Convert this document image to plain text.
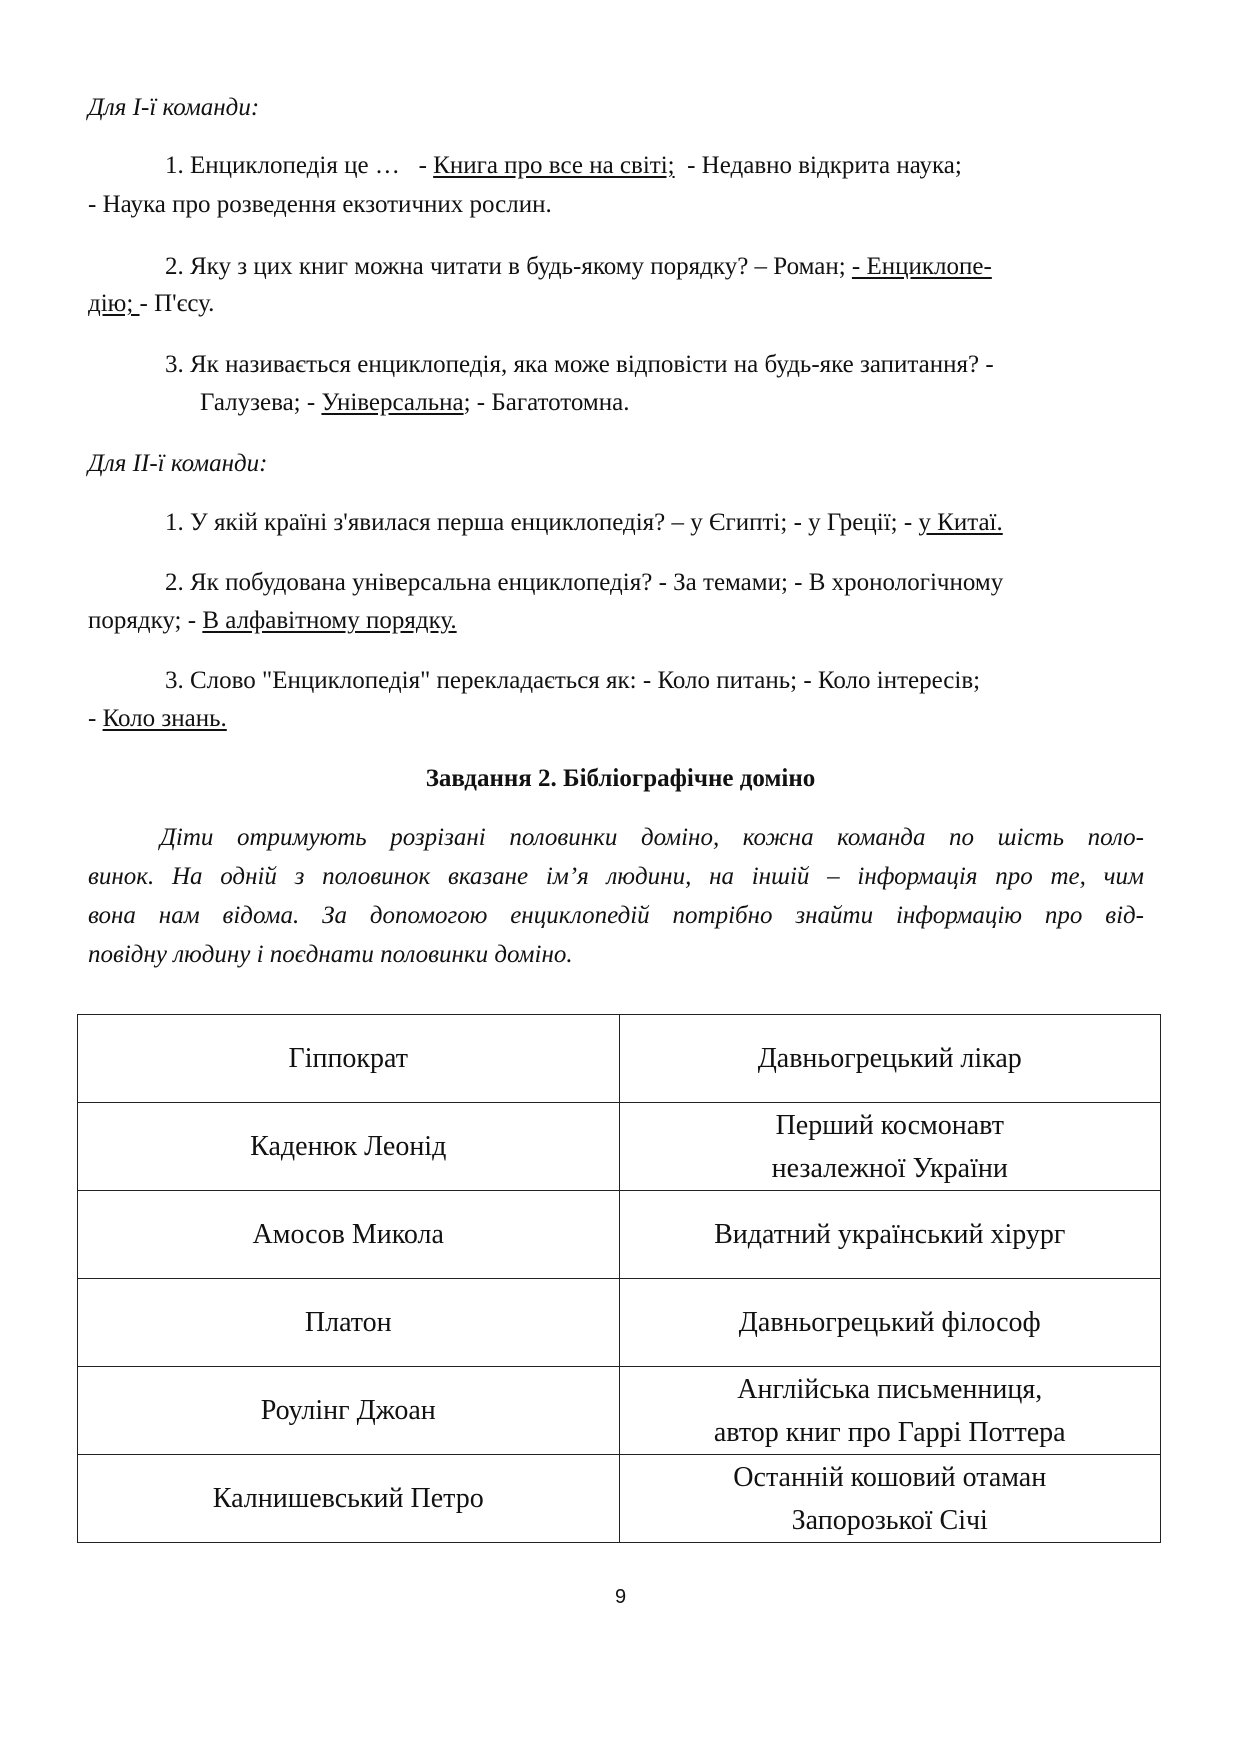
Для І-ї команди:
1. Енциклопедія це …   - Книга про все на світі;  - Недавно відкрита наука;
- Наука про розведення екзотичних рослин.
2. Яку з цих книг можна читати в будь-якому порядку? – Роман; - Енциклопе-
дію; - П'єсу.
3. Як називається енциклопедія, яка може відповісти на будь-яке запитання? -
Галузева; - Універсальна; - Багатотомна.
Для ІІ-ї команди:
1. У якій країні з'явилася перша енциклопедія? – у Єгипті; - у Греції; - у Китаї.
2. Як побудована універсальна енциклопедія? - За темами; - В хронологічному
порядку; - В алфавітному порядку.
3. Слово "Енциклопедія" перекладається як: - Коло питань; - Коло інтересів;
- Коло знань.
Завдання 2. Бібліографічне доміно
Діти отримують розрізані половинки доміно, кожна команда по шість поло-
винок. На одній з половинок вказане ім’я людини, на іншій – інформація про те, чим
вона нам відома. За допомогою енциклопедій потрібно знайти інформацію про від-
повідну людину і поєднати половинки доміно.
Гіппократ	Давньогрецький лікар
Каденюк Леонід	Перший космонавт
незалежної України
Амосов Микола	Видатний український хірург
Платон	Давньогрецький філософ
Роулінг Джоан	Англійська письменниця,
автор книг про Гаррі Поттера
Калнишевський Петро	Останній кошовий отаман
Запорозької Січі
9
